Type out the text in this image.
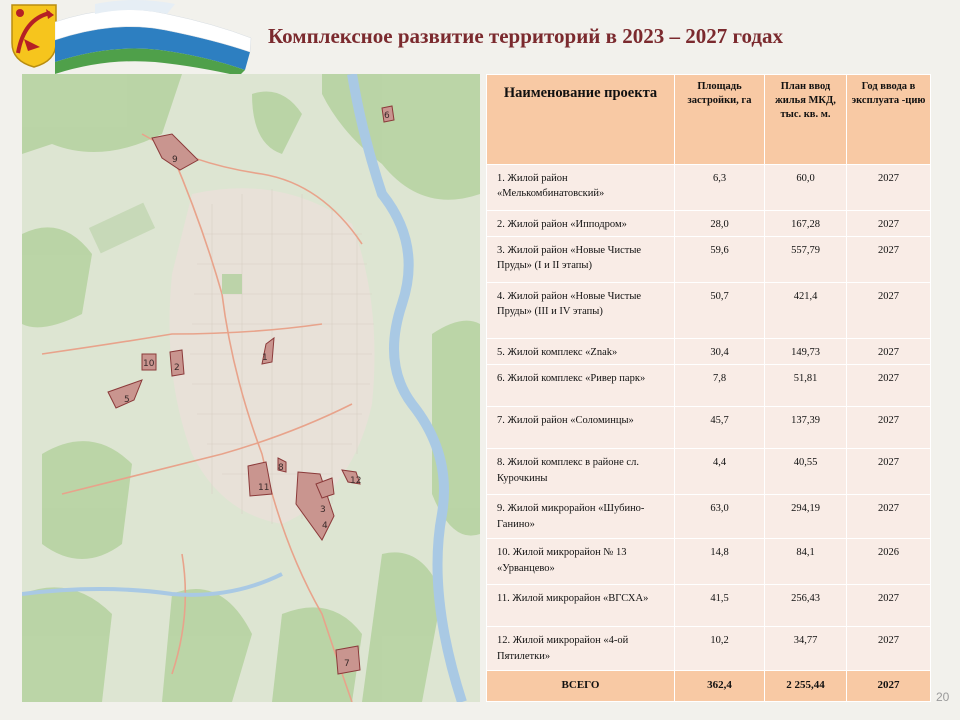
Комплексное развитие территорий в 2023 – 2027 годах
1
2
3
4
5
6
7
8
9
10
11
12
Наименование проекта	Площадь застройки, га	План ввод жилья МКД, тыс. кв. м.	Год ввода в эксплуата -цию
1. Жилой район «Мелькомбинатовский»	6,3	60,0	2027
2. Жилой район «Ипподром»	28,0	167,28	2027
3. Жилой район «Новые Чистые Пруды» (I и II этапы)	59,6	557,79	2027
4. Жилой район «Новые Чистые Пруды» (III и IV этапы)	50,7	421,4	2027
5. Жилой комплекс «Znak»	30,4	149,73	2027
6. Жилой комплекс «Ривер парк»	7,8	51,81	2027
7. Жилой район «Соломинцы»	45,7	137,39	2027
8. Жилой комплекс в районе сл. Курочкины	4,4	40,55	2027
9. Жилой микрорайон «Шубино-Ганино»	63,0	294,19	2027
10. Жилой микрорайон № 13 «Урванцево»	14,8	84,1	2026
11. Жилой микрорайон «ВГСХА»	41,5	256,43	2027
12. Жилой микрорайон «4-ой Пятилетки»	10,2	34,77	2027
ВСЕГО	362,4	2 255,44	2027
20
